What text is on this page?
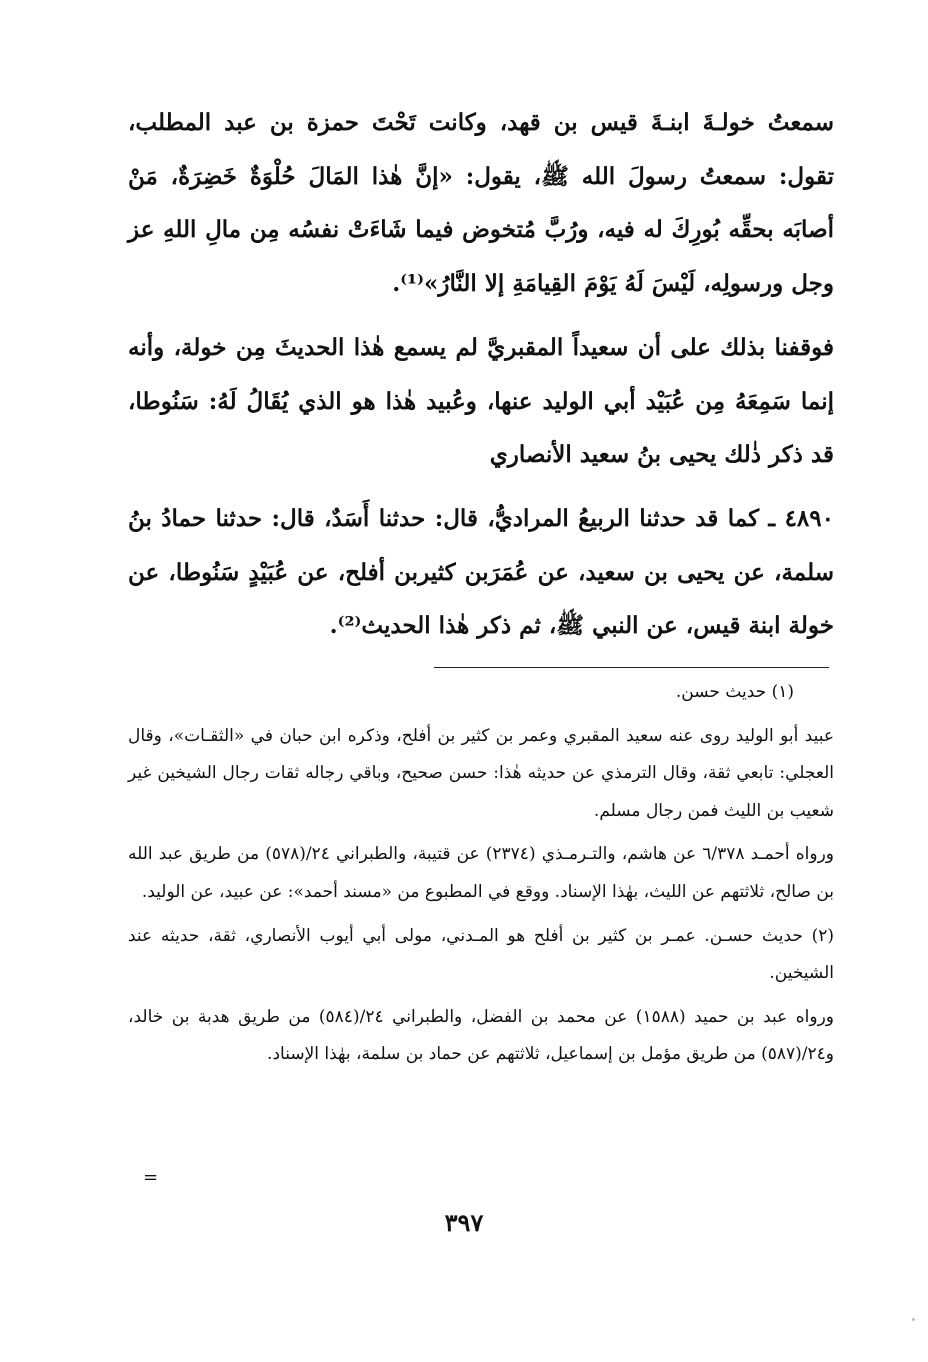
سمعتُ خولـةَ ابنـةَ قيس بن قهد، وكانت تَحْتَ حمزة بن عبد المطلب، تقول: سمعتُ رسولَ الله ﷺ، يقول: «إنَّ هٰذا المَالَ حُلْوَةٌ خَضِرَةٌ، مَنْ أصابَه بحقِّه بُورِكَ له فيه، ورُبَّ مُتخوض فيما شَاءَتْ نفسُه مِن مالِ اللهِ عز وجل ورسولِه، لَيْسَ لَهُ يَوْمَ القِيامَةِ إلا النَّارُ»⁽¹⁾.

فوقفنا بذلك على أن سعيداً المقبريَّ لم يسمع هٰذا الحديثَ مِن خولة، وأنه إنما سَمِعَهُ مِن عُبَيْد أبي الوليد عنها، وعُبيد هٰذا هو الذي يُقَالُ لَهُ: سَنُوطا، قد ذكر ذٰلك يحيى بنُ سعيد الأنصاري

٤٨٩٠ ـ كما قد حدثنا الربيعُ المراديُّ، قال: حدثنا أَسَدٌ، قال: حدثنا حمادُ بنُ سلمة، عن يحيى بن سعيد، عن عُمَرَبن كثيربن أفلح، عن عُبَيْدٍ سَنُوطا، عن خولة ابنة قيس، عن النبي ﷺ، ثم ذكر هٰذا الحديث⁽²⁾.

(١) حديث حسن.

عبيد أبو الوليد روى عنه سعيد المقبري وعمر بن كثير بن أفلح، وذكره ابن حبان في «الثقـات»، وقال العجلي: تابعي ثقة، وقال الترمذي عن حديثه هٰذا: حسن صحيح، وباقي رجاله ثقات رجال الشيخين غير شعيب بن الليث فمن رجال مسلم.

ورواه أحمـد ٦/٣٧٨ عن هاشم، والتـرمـذي (٢٣٧٤) عن قتيبة، والطبراني ٢٤/(٥٧٨) من طريق عبد الله بن صالح، ثلاثتهم عن الليث، بهٰذا الإسناد. ووقع في المطبوع من «مسند أحمد»: عن عبيد، عن الوليد.

(٢) حديث حسـن. عمـر بن كثير بن أفلح هو المـدني، مولى أبي أيوب الأنصاري، ثقة، حديثه عند الشيخين.

ورواه عبد بن حميد (١٥٨٨) عن محمد بن الفضل، والطبراني ٢٤/(٥٨٤) من طريق هدبة بن خالد، و٢٤/(٥٨٧) من طريق مؤمل بن إسماعيل، ثلاثتهم عن حماد بن سلمة، بهٰذا الإسناد.

=
٣٩٧
